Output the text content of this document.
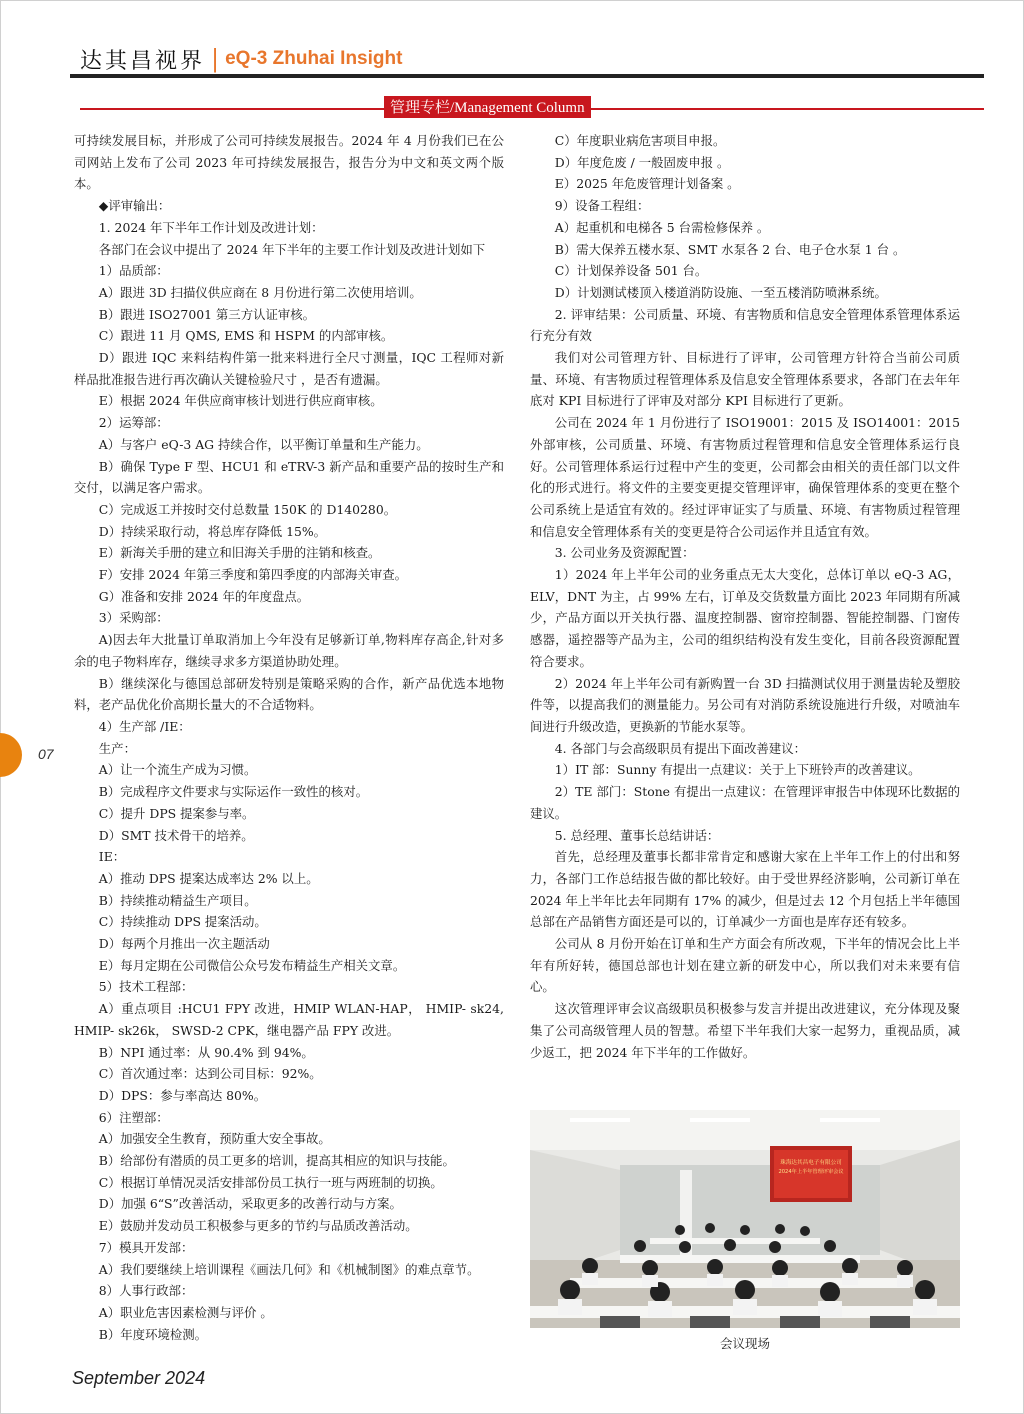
达其昌视界 | eQ-3 Zhuhai Insight
管理专栏/Management Column

可持续发展目标，并形成了公司可持续发展报告。2024 年 4 月份我们已在公司网站上发布了公司 2023 年可持续发展报告，报告分为中文和英文两个版本。

◆评审输出：

1. 2024 年下半年工作计划及改进计划：

各部门在会议中提出了 2024 年下半年的主要工作计划及改进计划如下

1）品质部：

A）跟进 3D 扫描仪供应商在 8 月份进行第二次使用培训。

B）跟进 ISO27001 第三方认证审核。

C）跟进 11 月 QMS, EMS 和 HSPM 的内部审核。

D）跟进 IQC 来料结构件第一批来料进行全尺寸测量，IQC 工程师对新样品批准报告进行再次确认关键检验尺寸 ，是否有遗漏。

E）根据 2024 年供应商审核计划进行供应商审核。

2）运筹部：

A）与客户 eQ-3 AG 持续合作，以平衡订单量和生产能力。

B）确保 Type F 型、HCU1 和 eTRV-3 新产品和重要产品的按时生产和交付，以满足客户需求。

C）完成返工并按时交付总数量 150K 的 D140280。

D）持续采取行动，将总库存降低 15%。

E）新海关手册的建立和旧海关手册的注销和核查。

F）安排 2024 年第三季度和第四季度的内部海关审查。

G）准备和安排 2024 年的年度盘点。

3）采购部：

A)因去年大批量订单取消加上今年没有足够新订单,物料库存高企,针对多余的电子物料库存，继续寻求多方渠道协助处理。

B）继续深化与德国总部研发特别是策略采购的合作，新产品优选本地物料，老产品优化价高期长量大的不合适物料。

4）生产部 /IE：

生产：

A）让一个流生产成为习惯。

B）完成程序文件要求与实际运作一致性的核对。

C）提升 DPS 提案参与率。

D）SMT 技术骨干的培养。

IE：

A）推动 DPS 提案达成率达 2% 以上。

B）持续推动精益生产项目。

C）持续推动 DPS 提案活动。

D）每两个月推出一次主题活动

E）每月定期在公司微信公众号发布精益生产相关文章。

5）技术工程部：

A）重点项目 :HCU1 FPY 改进，HMIP WLAN-HAP， HMIP- sk24, HMIP- sk26k， SWSD-2 CPK，继电器产品 FPY 改进。

B）NPI 通过率：从 90.4% 到 94%。

C）首次通过率：达到公司目标：92%。

D）DPS：参与率高达 80%。

6）注塑部：

A）加强安全生教育，预防重大安全事故。

B）给部份有潜质的员工更多的培训，提高其相应的知识与技能。

C）根据订单情况灵活安排部份员工执行一班与两班制的切换。

D）加强 6“S”改善活动，采取更多的改善行动与方案。

E）鼓励并发动员工积极参与更多的节约与品质改善活动。

7）模具开发部：

A）我们要继续上培训课程《画法几何》和《机械制图》的难点章节。

8）人事行政部：

A）职业危害因素检测与评价 。

B）年度环境检测。

C）年度职业病危害项目申报。

D）年度危废 / 一般固废申报 。

E）2025 年危废管理计划备案 。

9）设备工程组：

A）起重机和电梯各 5 台需检修保养 。

B）需大保养五楼水泵、SMT 水泵各 2 台、电子仓水泵 1 台 。

C）计划保养设备 501 台。

D）计划测试楼顶入楼道消防设施、一至五楼消防喷淋系统。

2. 评审结果：公司质量、环境、有害物质和信息安全管理体系管理体系运行充分有效

我们对公司管理方针、目标进行了评审，公司管理方针符合当前公司质量、环境、有害物质过程管理体系及信息安全管理体系要求，各部门在去年年底对 KPI 目标进行了评审及对部分 KPI 目标进行了更新。

公司在 2024 年 1 月份进行了 ISO19001：2015 及 ISO14001：2015 外部审核，公司质量、环境、有害物质过程管理和信息安全管理体系运行良好。公司管理体系运行过程中产生的变更，公司都会由相关的责任部门以文件化的形式进行。将文件的主要变更提交管理评审，确保管理体系的变更在整个公司系统上是适宜有效的。经过评审证实了与质量、环境、有害物质过程管理和信息安全管理体系有关的变更是符合公司运作并且适宜有效。

3. 公司业务及资源配置：

1）2024 年上半年公司的业务重点无太大变化，总体订单以 eQ-3 AG，ELV，DNT 为主，占 99% 左右，订单及交货数量方面比 2023 年同期有所减少，产品方面以开关执行器、温度控制器、窗帘控制器、智能控制器、门窗传感器，遥控器等产品为主，公司的组织结构没有发生变化，目前各段资源配置符合要求。

2）2024 年上半年公司有新购置一台 3D 扫描测试仪用于测量齿轮及塑胶件等，以提高我们的测量能力。另公司有对消防系统设施进行升级，对喷油车间进行升级改造，更换新的节能水泵等。

4. 各部门与会高级职员有提出下面改善建议：

1）IT 部：Sunny 有提出一点建议：关于上下班铃声的改善建议。

2）TE 部门：Stone 有提出一点建议：在管理评审报告中体现环比数据的建议。

5. 总经理、董事长总结讲话：

首先，总经理及董事长都非常肯定和感谢大家在上半年工作上的付出和努力，各部门工作总结报告做的都比较好。由于受世界经济影响，公司新订单在 2024 年上半年比去年同期有 17% 的减少，但是过去 12 个月包括上半年德国总部在产品销售方面还是可以的，订单减少一方面也是库存还有较多。

公司从 8 月份开始在订单和生产方面会有所改观，下半年的情况会比上半年有所好转，德国总部也计划在建立新的研发中心，所以我们对未来要有信心。

这次管理评审会议高级职员积极参与发言并提出改进建议，充分体现及聚集了公司高级管理人员的智慧。希望下半年我们大家一起努力，重视品质，减少返工，把 2024 年下半年的工作做好。

珠海达其昌电子有限公司
2024年上半年管理评审会议
会议现场
07
September 2024
